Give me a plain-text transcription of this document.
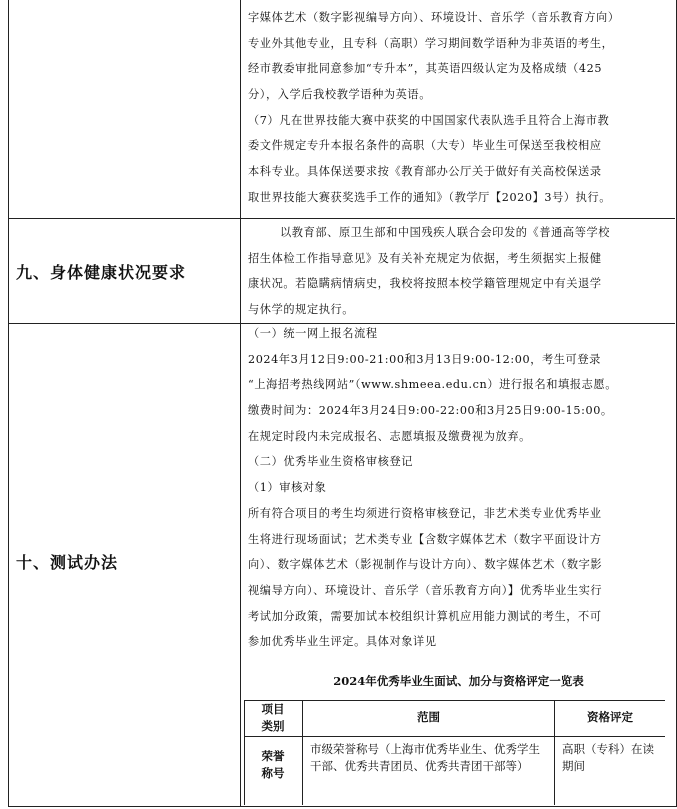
字媒体艺术（数字影视编导方向）、环境设计、音乐学（音乐教育方向）

专业外其他专业，且专科（高职）学习期间数学语种为非英语的考生，

经市教委审批同意参加“专升本”，其英语四级认定为及格成绩（425

分），入学后我校教学语种为英语。

（7）凡在世界技能大赛中获奖的中国国家代表队选手且符合上海市教

委文件规定专升本报名条件的高职（大专）毕业生可保送至我校相应

本科专业。具体保送要求按《教育部办公厅关于做好有关高校保送录

取世界技能大赛获奖选手工作的通知》（教学厅【2020】3号）执行。

九、身体健康状况要求

以教育部、原卫生部和中国残疾人联合会印发的《普通高等学校

招生体检工作指导意见》及有关补充规定为依据，考生须据实上报健

康状况。若隐瞒病情病史，我校将按照本校学籍管理规定中有关退学

与休学的规定执行。

十、测试办法

（一）统一网上报名流程

2024年3月12日9:00-21:00和3月13日9:00-12:00，考生可登录

“上海招考热线网站”（www.shmeea.edu.cn）进行报名和填报志愿。

缴费时间为：2024年3月24日9:00-22:00和3月25日9:00-15:00。

在规定时段内未完成报名、志愿填报及缴费视为放弃。

（二）优秀毕业生资格审核登记

（1）审核对象

所有符合项目的考生均须进行资格审核登记，非艺术类专业优秀毕业

生将进行现场面试；艺术类专业【含数字媒体艺术（数字平面设计方

向）、数字媒体艺术（影视制作与设计方向）、数字媒体艺术（数字影

视编导方向）、环境设计、音乐学（音乐教育方向）】优秀毕业生实行

考试加分政策，需要加试本校组织计算机应用能力测试的考生，不可

参加优秀毕业生评定。具体对象详见

2024年优秀毕业生面试、加分与资格评定一览表
项目类别
范围	资格评定
荣誉称号
市级荣誉称号（上海市优秀毕业生、优秀学生干部、优秀共青团员、优秀共青团干部等）
高职（专科）在读期间
